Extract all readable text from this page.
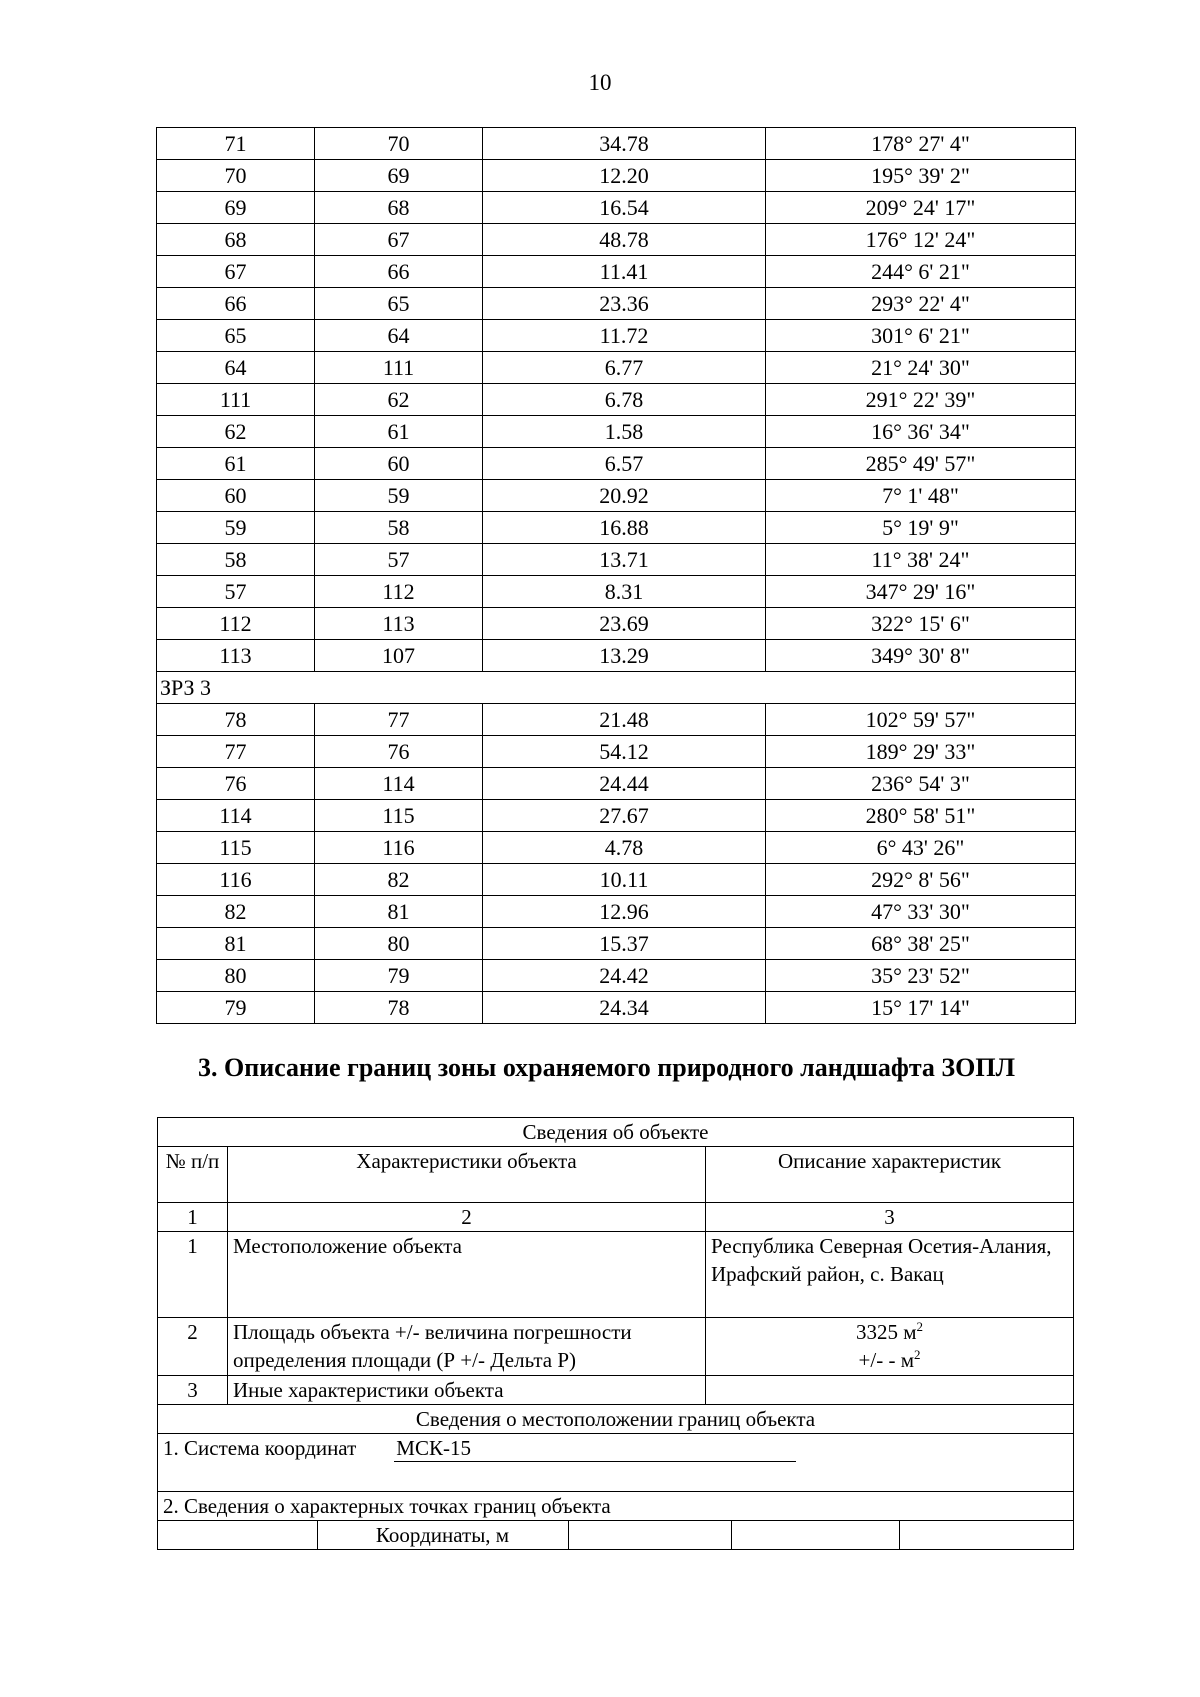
10
71	70	34.78	178° 27' 4"
70	69	12.20	195° 39' 2"
69	68	16.54	209° 24' 17"
68	67	48.78	176° 12' 24"
67	66	11.41	244° 6' 21"
66	65	23.36	293° 22' 4"
65	64	11.72	301° 6' 21"
64	111	6.77	21° 24' 30"
111	62	6.78	291° 22' 39"
62	61	1.58	16° 36' 34"
61	60	6.57	285° 49' 57"
60	59	20.92	7° 1' 48"
59	58	16.88	5° 19' 9"
58	57	13.71	11° 38' 24"
57	112	8.31	347° 29' 16"
112	113	23.69	322° 15' 6"
113	107	13.29	349° 30' 8"
ЗРЗ 3			
78	77	21.48	102° 59' 57"
77	76	54.12	189° 29' 33"
76	114	24.44	236° 54' 3"
114	115	27.67	280° 58' 51"
115	116	4.78	6° 43' 26"
116	82	10.11	292° 8' 56"
82	81	12.96	47° 33' 30"
81	80	15.37	68° 38' 25"
80	79	24.42	35° 23' 52"
79	78	24.34	15° 17' 14"
3. Описание границ зоны охраняемого природного ландшафта ЗОПЛ
Сведения об объекте
№ п/п	Характеристики объекта	Описание характеристик
1	2	3
1	Местоположение объекта	Республика Северная Осетия-Алания, Ирафский район, с. Вакац
2	Площадь объекта +/- величина погрешности определения площади (Р +/- Дельта Р)	3325 $м^2$
+/- - $м^2$
3	Иные характеристики объекта	
Сведения о местоположении границ объекта
1. Система координат МСК-15
2. Сведения о характерных точках границ объекта

	Координаты, м			
